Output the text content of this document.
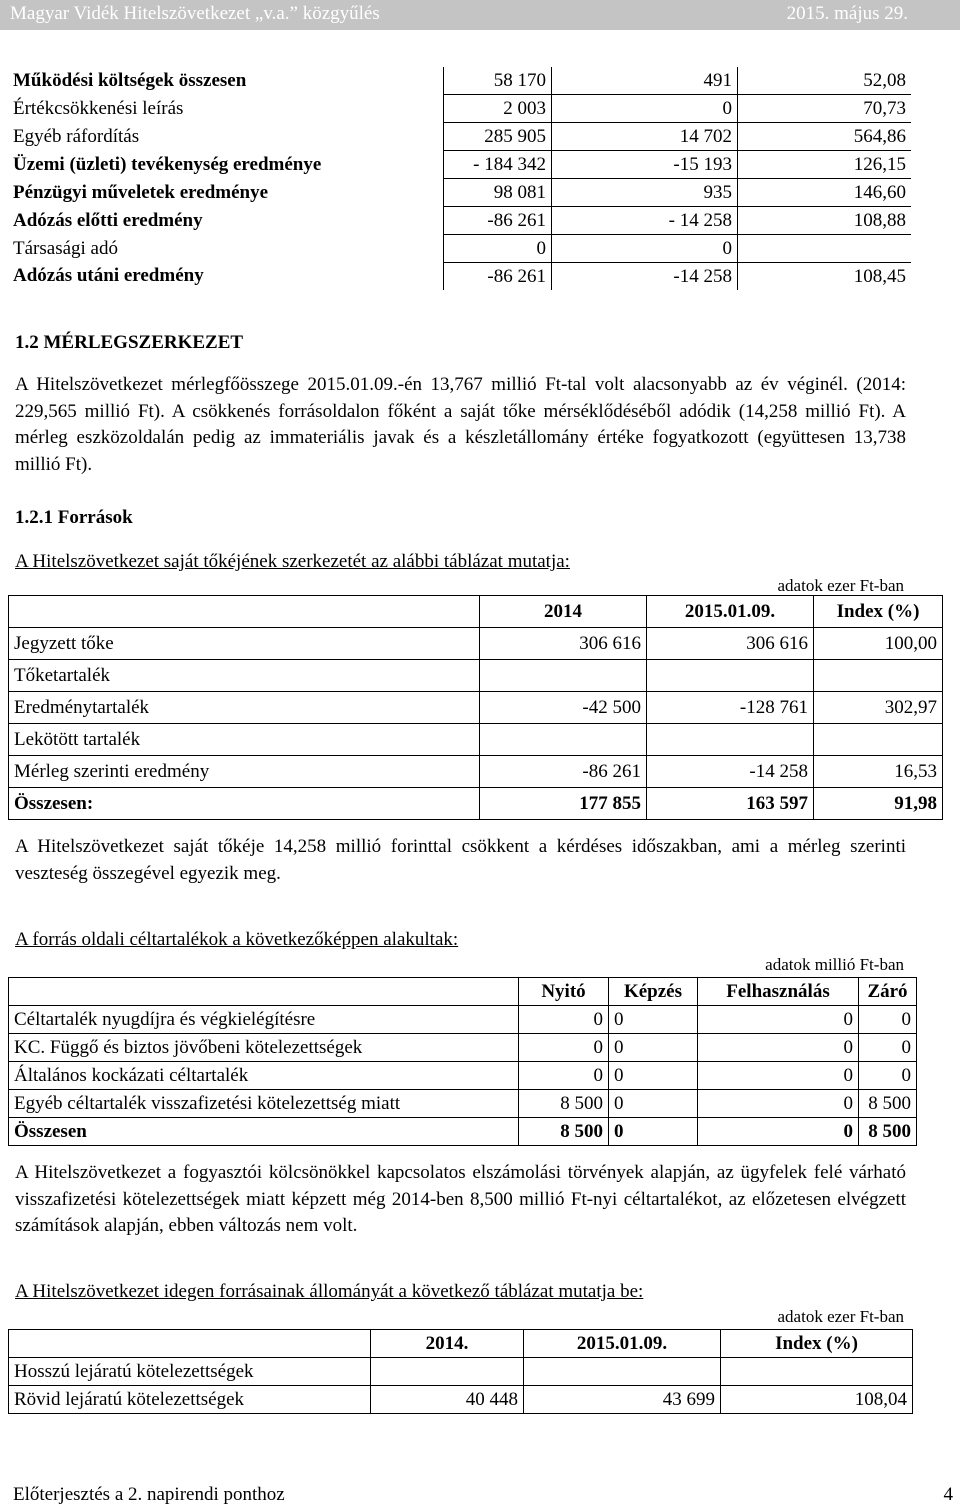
Magyar Vidék Hitelszövetkezet „v.a.” közgyűlés	2015. május 29.
Működési költségek összesen	58 170	491	52,08
Értékcsökkenési leírás	2 003	0	70,73
Egyéb ráfordítás	285 905	14 702	564,86
Üzemi (üzleti) tevékenység eredménye	- 184 342	-15 193	126,15
Pénzügyi műveletek eredménye	98 081	935	146,60
Adózás előtti eredmény	-86 261	- 14 258	108,88
Társasági adó	0	0	
Adózás utáni eredmény	-86 261	-14 258	108,45
1.2 MÉRLEGSZERKEZET
A Hitelszövetkezet mérlegfőösszege 2015.01.09.-én 13,767 millió Ft-tal volt alacsonyabb az év véginél. (2014: 229,565 millió Ft). A csökkenés forrásoldalon főként a saját tőke mérséklődéséből adódik (14,258 millió Ft). A mérleg eszközoldalán pedig az immateriális javak és a készletállomány értéke fogyatkozott (együttesen 13,738 millió Ft).
1.2.1 Források
A Hitelszövetkezet saját tőkéjének szerkezetét az alábbi táblázat mutatja:
adatok ezer Ft-ban
	2014	2015.01.09.	Index (%)
Jegyzett tőke	306 616	306 616	100,00
Tőketartalék			
Eredménytartalék	-42 500	-128 761	302,97
Lekötött tartalék			
Mérleg szerinti eredmény	-86 261	-14 258	16,53
Összesen:	177 855	163 597	91,98
A Hitelszövetkezet saját tőkéje 14,258 millió forinttal csökkent a kérdéses időszakban, ami a mérleg szerinti veszteség összegével egyezik meg.
A forrás oldali céltartalékok a következőképpen alakultak:
adatok millió Ft-ban
	Nyitó	Képzés	Felhasználás	Záró
Céltartalék nyugdíjra és végkielégítésre	0	0	0	0
KC. Függő és biztos jövőbeni kötelezettségek	0	0	0	0
Általános kockázati céltartalék	0	0	0	0
Egyéb céltartalék visszafizetési kötelezettség miatt	8 500	0	0	8 500
Összesen	8 500	0	0	8 500
A Hitelszövetkezet a fogyasztói kölcsönökkel kapcsolatos elszámolási törvények alapján, az ügyfelek felé várható visszafizetési kötelezettségek miatt képzett még 2014-ben 8,500 millió Ft-nyi céltartalékot, az előzetesen elvégzett számítások alapján, ebben változás nem volt.
A Hitelszövetkezet idegen forrásainak állományát a következő táblázat mutatja be:
adatok ezer Ft-ban
	2014.	2015.01.09.	Index (%)
Hosszú lejáratú kötelezettségek			
Rövid lejáratú kötelezettségek	40 448	43 699	108,04
Előterjesztés a 2. napirendi ponthoz	4
